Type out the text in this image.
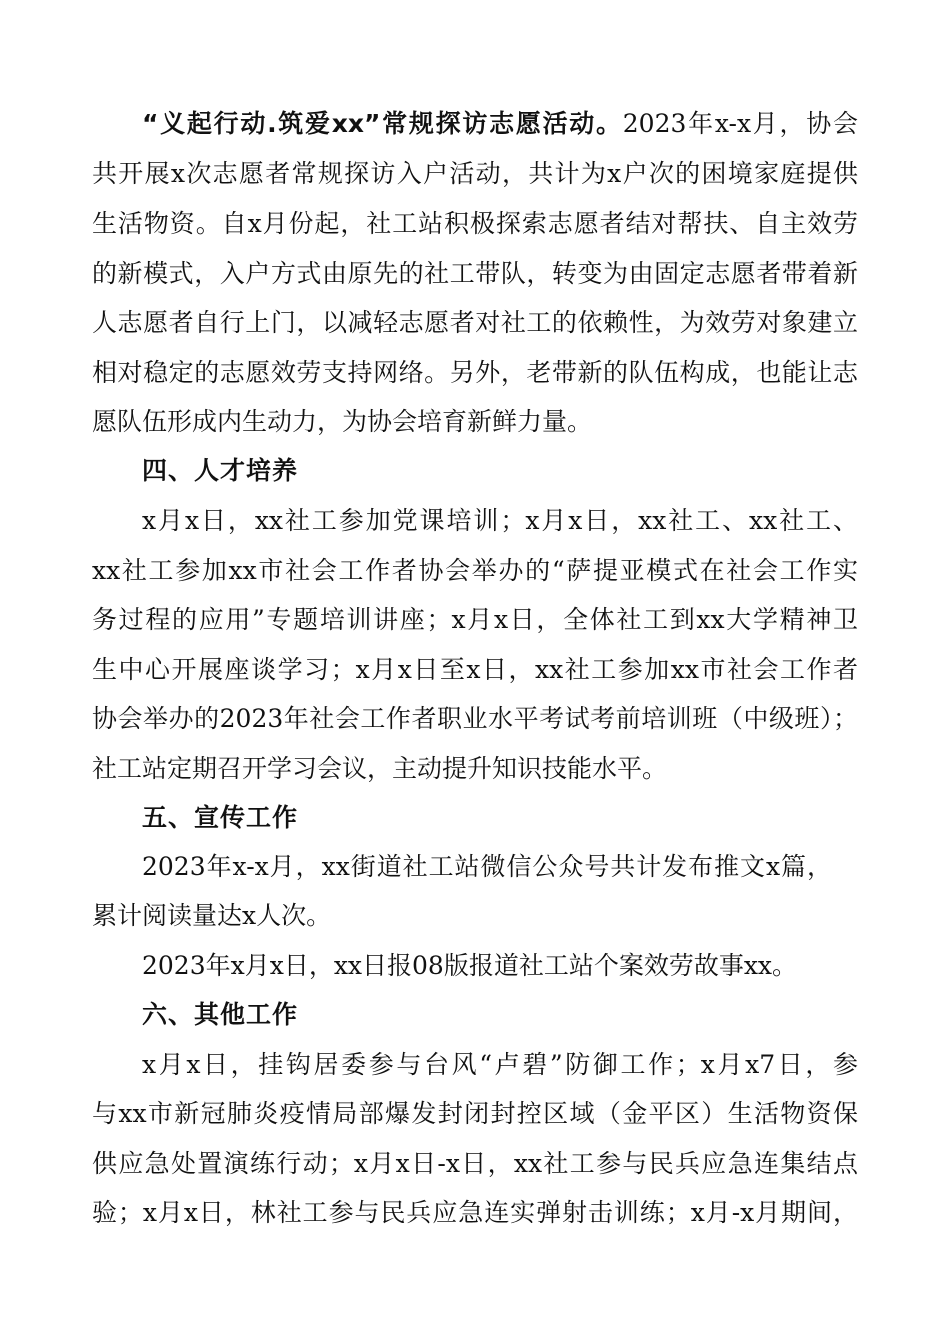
“义起行动.筑爱xx”常规探访志愿活动。2023年x-x月，协会
共开展x次志愿者常规探访入户活动，共计为x户次的困境家庭提供
生活物资。自x月份起，社工站积极探索志愿者结对帮扶、自主效劳
的新模式，入户方式由原先的社工带队，转变为由固定志愿者带着新
人志愿者自行上门，以减轻志愿者对社工的依赖性，为效劳对象建立
相对稳定的志愿效劳支持网络。另外，老带新的队伍构成，也能让志
愿队伍形成内生动力，为协会培育新鲜力量。
四、人才培养
x月x日，xx社工参加党课培训；x月x日，xx社工、xx社工、
xx社工参加xx市社会工作者协会举办的“萨提亚模式在社会工作实
务过程的应用”专题培训讲座；x月x日，全体社工到xx大学精神卫
生中心开展座谈学习；x月x日至x日，xx社工参加xx市社会工作者
协会举办的2023年社会工作者职业水平考试考前培训班（中级班）；
社工站定期召开学习会议，主动提升知识技能水平。
五、宣传工作
2023年x-x月，xx街道社工站微信公众号共计发布推文x篇，
累计阅读量达x人次。
2023年x月x日，xx日报08版报道社工站个案效劳故事xx。
六、其他工作
x月x日，挂钩居委参与台风“卢碧”防御工作；x月x7日，参
与xx市新冠肺炎疫情局部爆发封闭封控区域（金平区）生活物资保
供应急处置演练行动；x月x日-x日，xx社工参与民兵应急连集结点
验；x月x日，林社工参与民兵应急连实弹射击训练；x月-x月期间，
